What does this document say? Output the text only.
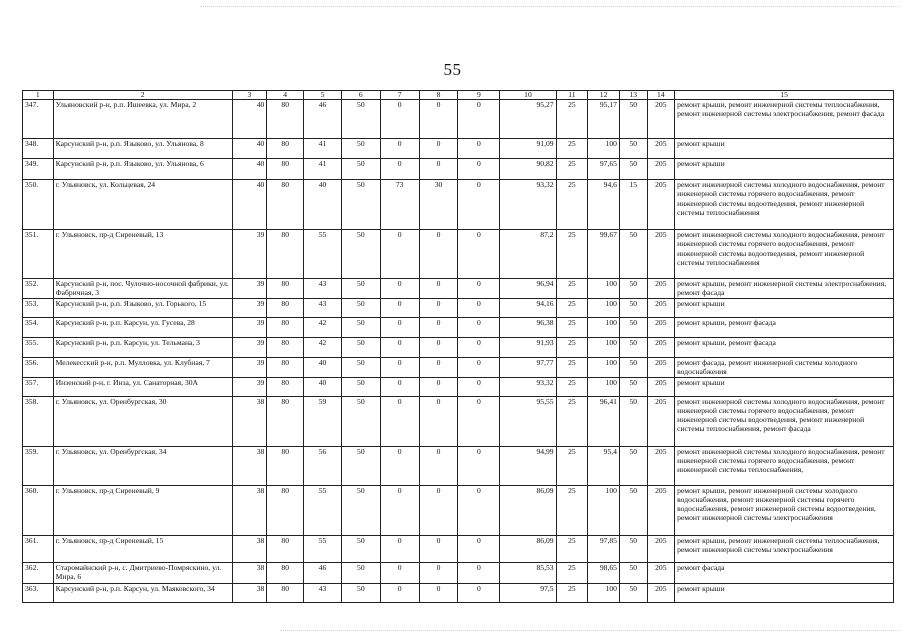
55
1	2	3	4	5	6	7	8	9	10	11	12	13	14	15
347.	Ульяновский р-н, р.п. Ишеевка, ул. Мира, 2	40	80	46	50	0	0	0	95,27	25	95,17	50	205	ремонт крыши, ремонт инженерной системы теплоснабжения, ремонт инженерной системы электроснабжения, ремонт фасада
348.	Карсунский р-н, р.п. Языково, ул. Ульянова, 8	40	80	41	50	0	0	0	91,09	25	100	50	205	ремонт крыши
349.	Карсунский р-н, р.п. Языково, ул. Ульянова, 6	40	80	41	50	0	0	0	90,82	25	97,65	50	205	ремонт крыши
350.	г. Ульяновск, ул. Кольцевая, 24	40	80	40	50	73	30	0	93,32	25	94,6	15	205	ремонт инженерной системы холодного водоснабжения, ремонт инженерной системы горячего водоснабжения, ремонт инженерной системы водоотведения, ремонт инженерной системы теплоснабжения
351.	г. Ульяновск, пр-д Сиреневый, 13	39	80	55	50	0	0	0	87,2	25	99,67	50	205	ремонт инженерной системы холодного водоснабжения, ремонт инженерной системы горячего водоснабжения, ремонт инженерной системы водоотведения, ремонт инженерной системы теплоснабжения
352.	Карсунский р-н, пос. Чулочно-носочной фабрики, ул. Фабричная, 3	39	80	43	50	0	0	0	96,94	25	100	50	205	ремонт крыши, ремонт инженерной системы электроснабжения, ремонт фасада
353.	Карсунский р-н, р.п. Языково, ул. Горького, 15	39	80	43	50	0	0	0	94,16	25	100	50	205	ремонт крыши
354.	Карсунский р-н, р.п. Карсун, ул. Гусева, 28	39	80	42	50	0	0	0	96,38	25	100	50	205	ремонт крыши, ремонт фасада
355.	Карсунский р-н, р.п. Карсун, ул. Тельмана, 3	39	80	42	50	0	0	0	91,93	25	100	50	205	ремонт крыши, ремонт фасада
356.	Мелекесский р-н, р.п. Мулловка, ул. Клубная, 7	39	80	40	50	0	0	0	97,77	25	100	50	205	ремонт фасада, ремонт инженерной системы холодного водоснабжения
357.	Инзенский р-н, г. Инза, ул. Санаторная, 30А	39	80	40	50	0	0	0	93,32	25	100	50	205	ремонт крыши
358.	г. Ульяновск, ул. Оренбургская, 30	38	80	59	50	0	0	0	95,55	25	96,41	50	205	ремонт инженерной системы холодного водоснабжения, ремонт инженерной системы горячего водоснабжения, ремонт инженерной системы водоотведения, ремонт инженерной системы теплоснабжения, ремонт фасада
359.	г. Ульяновск, ул. Оренбургская, 34	38	80	56	50	0	0	0	94,99	25	95,4	50	205	ремонт инженерной системы холодного водоснабжения, ремонт инженерной системы горячего водоснабжения, ремонт инженерной системы теплоснабжения,
360.	г. Ульяновск, пр-д Сиреневый, 9	38	80	55	50	0	0	0	86,09	25	100	50	205	ремонт крыши, ремонт инженерной системы холодного водоснабжения, ремонт инженерной системы горячего водоснабжения, ремонт инженерной системы водоотведения, ремонт инженерной системы электроснабжения
361.	г. Ульяновск, пр-д Сиреневый, 15	38	80	55	50	0	0	0	86,09	25	97,85	50	205	ремонт крыши, ремонт инженерной системы теплоснабжения, ремонт инженерной системы электроснабжения
362.	Старомайнский р-н, с. Дмитриево-Помряскино, ул. Мира, 6	38	80	46	50	0	0	0	85,53	25	98,65	50	205	ремонт фасада
363.	Карсунский р-н, р.п. Карсун, ул. Маяковского, 34	38	80	43	50	0	0	0	97,5	25	100	50	205	ремонт крыши
